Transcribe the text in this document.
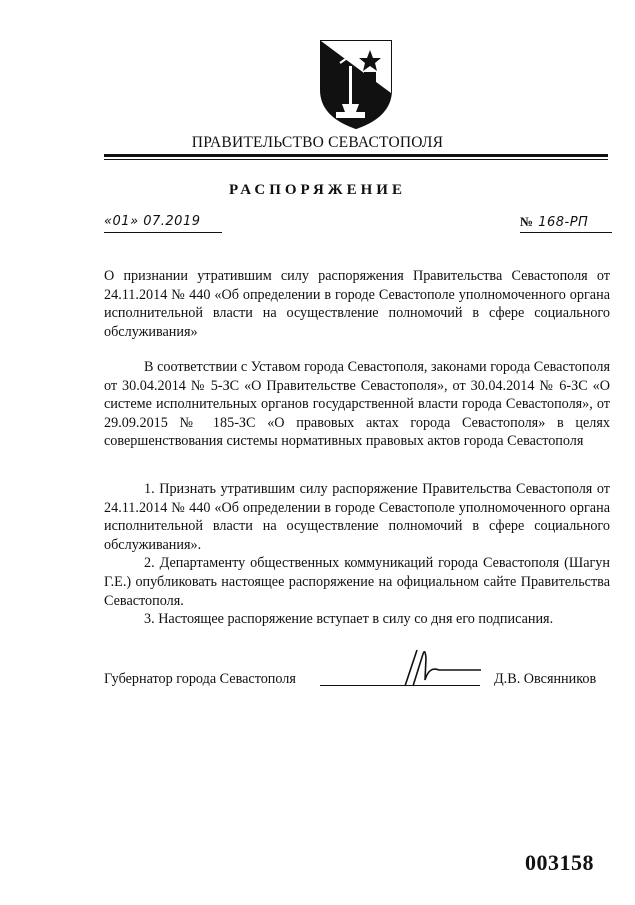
ПРАВИТЕЛЬСТВО СЕВАСТОПОЛЯ
РАСПОРЯЖЕНИЕ
«01» 07.2019	№ 168-РП
О признании утратившим силу распоряжения Правительства Севастополя от 24.11.2014 № 440 «Об определении в городе Севастополе уполномоченного органа исполнительной власти на осуществление полномочий в сфере социального обслуживания»
В соответствии с Уставом города Севастополя, законами города Севастополя от 30.04.2014 № 5-ЗС «О Правительстве Севастополя», от 30.04.2014 № 6-ЗС «О системе исполнительных органов государственной власти города Севастополя», от 29.09.2015 № 185-ЗС «О правовых актах города Севастополя» в целях совершенствования системы нормативных правовых актов города Севастополя

1. Признать утратившим силу распоряжение Правительства Севастополя от 24.11.2014 № 440 «Об определении в городе Севастополе уполномоченного органа исполнительной власти на осуществление полномочий в сфере социального обслуживания».

2. Департаменту общественных коммуникаций города Севастополя (Шагун Г.Е.) опубликовать настоящее распоряжение на официальном сайте Правительства Севастополя.

3. Настоящее распоряжение вступает в силу со дня его подписания.

Губернатор города Севастополя	Д.В. Овсянников
003158
